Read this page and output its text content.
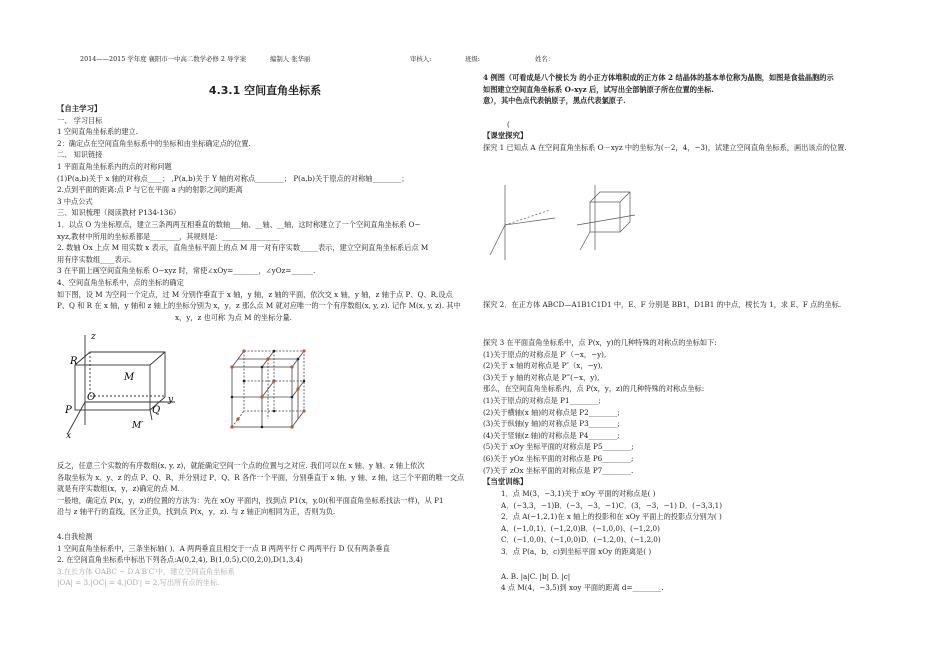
2014——2015 学年度 襄阳市一中高二数学必修 2 导学案	编制人 张华丽	审核人:	班级:	姓名：
4.3.1 空间直角坐标系

【自主学习】

一、 学习目标

1 空间直角坐标系的建立.

2：确定点在空间直角坐标系中的坐标和由坐标确定点的位置.

二、 知识链接

1 平面直角坐标系内的点的对称问题

(1)P(a,b)关于 x 轴的对称点____； ,P(a,b)关于 Y 轴的对称点________； P(a,b)关于原点的对称轴________；

2.点到平面的距离:点 P 与它在平面 a 内的射影之间的距离

3 中点公式

三、知识梳理（阅读教材 P134-136）

1．以点 O 为坐标原点，建立三条两两互相垂直的数轴___轴、__轴、__轴，这时称建立了一个空间直角坐标系 O−

xyz,教材中所用的坐标系都是________，其规则是：________________

2. 数轴 Ox 上点 M 用实数 x 表示，直角坐标平面上的点 M 用一对有序实数_____表示，建立空间直角坐标系后点 M

用有序实数组____表示。

3 在平面上画空间直角坐标系 O−xyz 时，常使∠xOy=_______，∠yOz=______.

4、空间直角坐标系中，点的坐标的确定

如下图，设 M 为空间一个定点，过 M 分别作垂直于 x 轴，y 轴，z 轴的平面，依次交 x 轴，y 轴，z 轴于点 P、Q、R,设点

P、Q 和 R 在 x 轴，y 轴和 z 轴上的坐标分别为 x，y，z 那么点 M 就对应唯一的一个有序数组(x, y, z). 记作 M(x, y, z). 其中

x，y，z 也可称 为点 M 的坐标分量.

R
M
O
P	Q
M′
y
z
x

反之，任意三个实数的有序数组(x, y, z)，就能确定空间一个点的位置与之对应. 我们可以在 x 轴、y 轴、z 轴上依次

各取坐标为 x、y、z 的点 P、Q、R，并分别过 P、Q、R 各作一个平面，分别垂直于 x 轴、y 轴、z 轴，这三个平面的唯一交点

就是有序实数组(x，y，z)确定的点 M.

一般地，确定点 P(x，y，z)的位置的方法为：先在 xOy 平面内，找到点 P1(x，y,0)(和平面直角坐标系找法一样)，从 P1

沿与 z 轴平行的直线，区分正负，找到点 P(x，y，z). 与 z 轴正向相同为正，否则为负.

4.自我检测

1 空间直角坐标系中，三条坐标轴( )．A 两两垂直且相交于一点 B 两两平行 C 两两平行 D 仅有两条垂直

2. 在空间直角坐标系中标出下列各点:A(0,2,4), B(1,0,5),C(0,2,0),D(1,3,4)

3.在长方体 OABC − D′A′B′C′中，建立空间直角坐标系

|OA| = 3,|OC| = 4,|OD′| = 2,写出所有点的坐标.

4 例图（可看成是八个棱长为 的小正方体堆积成的正方体 2 结晶体的基本单位称为晶胞，如图是食盐晶胞的示

如图建立空间直角坐标系 O-xyz 后，试写出全部钠原子所在位置的坐标.

意），其中色点代表钠原子，黑点代表氯原子.

(

【课堂探究】

探究 1 已知点 A 在空间直角坐标系 O－xyz 中的坐标为(－2，4，−3)，试建立空间直角坐标系，画出该点的位置.

探究 2．在正方体 ABCD—A1B1C1D1 中，E、F 分别是 BB1，D1B1 的中点，棱长为 1，求 E、F 点的坐标.

探究 3 在平面直角坐标系中，点 P(x，y)的几种特殊的对称点的坐标如下:

(1)关于原点的对称点是 P′（−x，−y),

(2)关于 x 轴的对称点是 P″（x，−y),

(3)关于 y 轴的对称点是 P‴(−x，y),

那么，在空间直角坐标系内，点 P(x，y，z)的几种特殊的对称点坐标:

(1)关于原点的对称点是 P1________;

(2)关于横轴(x 轴)的对称点是 P2________;

(3)关于纵轴(y 轴)的对称点是 P3________;

(4)关于竖轴(z 轴)的对称点是 P4________;

(5)关于 xOy 坐标平面的对称点是 P5________;

(6)关于 yOz 坐标平面的对称点是 P6________;

(7)关于 zOx 坐标平面的对称点是 P7________.

【当堂训练】

1．点 M(3，−3,1)关于 xOy 平面的对称点是( )

A．(−3,3，−1)B．(−3，−3，−1)C．(3，−3，−1) D．(−3,3,1)

2．点 A(−1,2,1)在 x 轴上的投影和在 xOy 平面上的投影点分别为( )

A．(−1,0,1)、(−1,2,0)B．(−1,0,0)、(−1,2,0)

C．(−1,0,0)、(−1,0,0)D．(−1,2,0)、(−1,2,0)

3．点 P(a，b，c)到坐标平面 xOy 的距离是( )

A. B. |a|C. |b| D. |c|

4 点 M(4，−3,5)到 xoy 平面的距离 d=________.
